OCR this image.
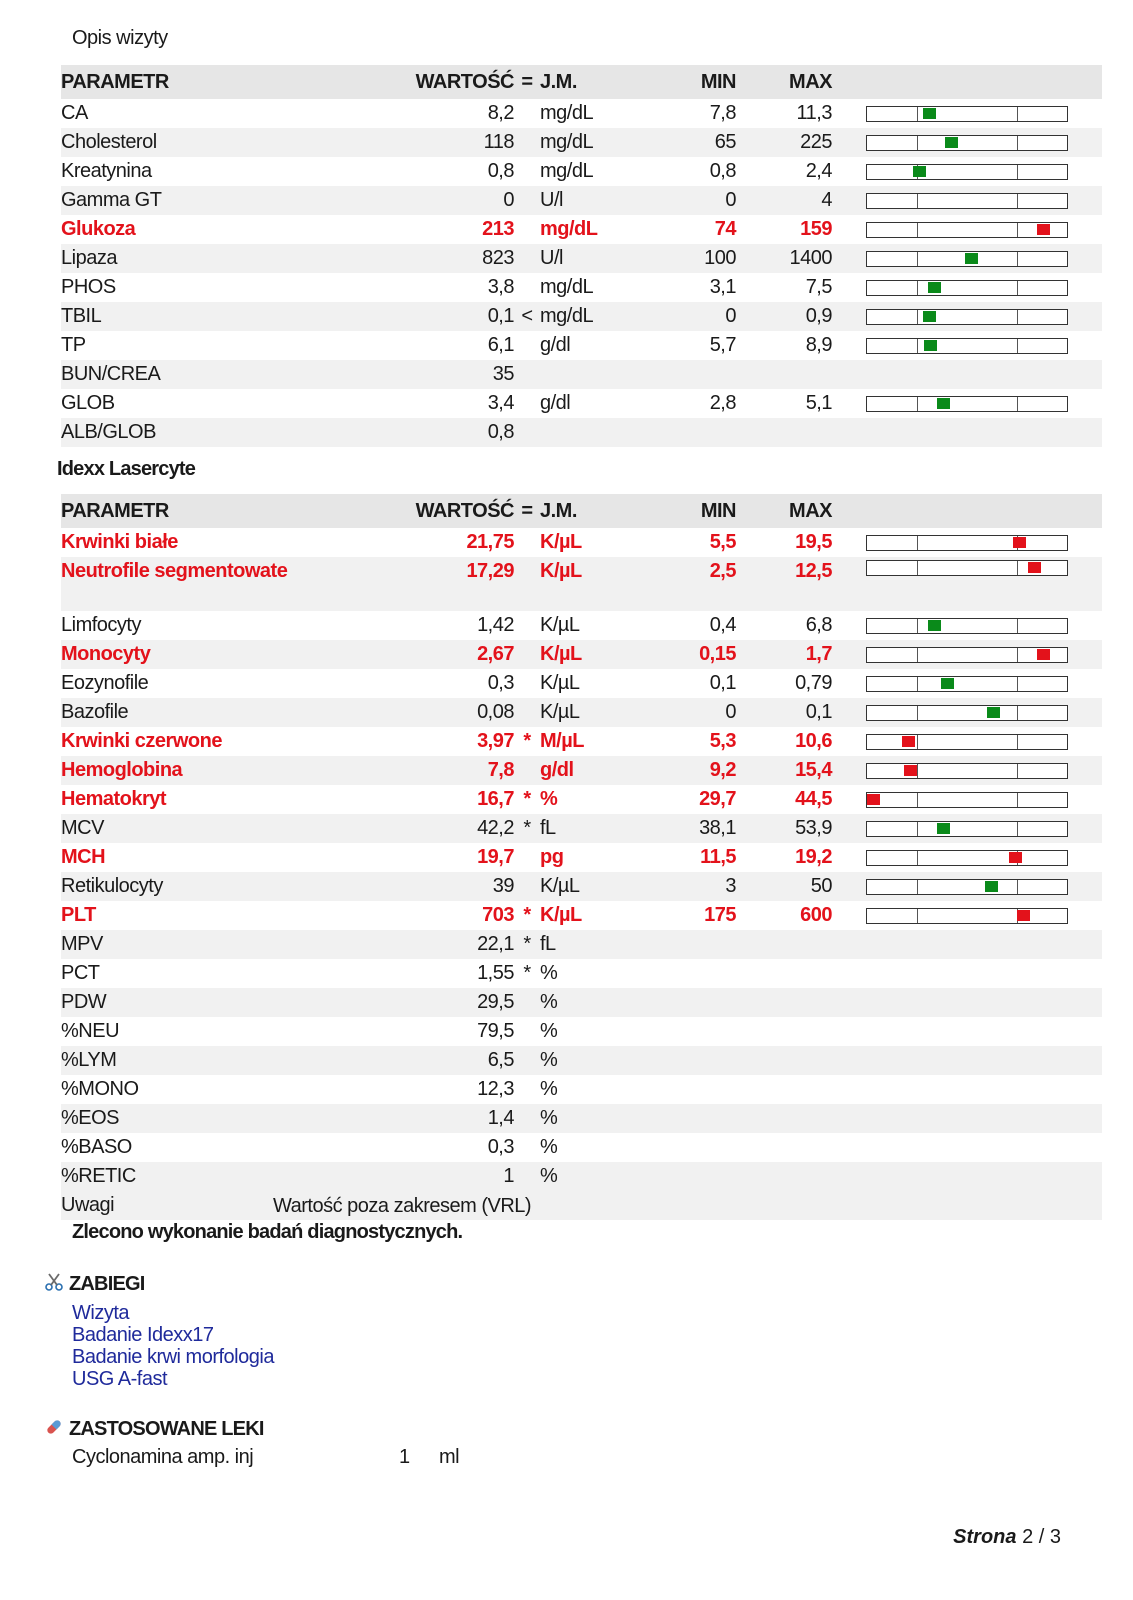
Opis wizyty
PARAMETR	WARTOŚĆ	=	J.M.	MIN	MAX	
CA	8,2		mg/dL	7,8	11,3	

Cholesterol	118		mg/dL	65	225	

Kreatynina	0,8		mg/dL	0,8	2,4	

Gamma GT	0		U/l	0	4	

Glukoza	213		mg/dL	74	159	

Lipaza	823		U/l	100	1400	

PHOS	3,8		mg/dL	3,1	7,5	

TBIL	0,1	<	mg/dL	0	0,9	

TP	6,1		g/dl	5,7	8,9	

BUN/CREA	35					
GLOB	3,4		g/dl	2,8	5,1	

ALB/GLOB	0,8					
Idexx Lasercyte
PARAMETR	WARTOŚĆ	=	J.M.	MIN	MAX	
Krwinki białe	21,75		K/µL	5,5	19,5	

Neutrofile segmentowate	17,29		K/µL	2,5	12,5	

Limfocyty	1,42		K/µL	0,4	6,8	

Monocyty	2,67		K/µL	0,15	1,7	

Eozynofile	0,3		K/µL	0,1	0,79	

Bazofile	0,08		K/µL	0	0,1	

Krwinki czerwone	3,97	*	M/µL	5,3	10,6	

Hemoglobina	7,8		g/dl	9,2	15,4	

Hematokryt	16,7	*	%	29,7	44,5	

MCV	42,2	*	fL	38,1	53,9	

MCH	19,7		pg	11,5	19,2	

Retikulocyty	39		K/µL	3	50	

PLT	703	*	K/µL	175	600	

MPV	22,1	*	fL			
PCT	1,55	*	%			
PDW	29,5		%			
%NEU	79,5		%			
%LYM	6,5		%			
%MONO	12,3		%			
%EOS	1,4		%			
%BASO	0,3		%			
%RETIC	1		%			
Uwagi Wartość poza zakresem (VRL)						
Zlecono wykonanie badań diagnostycznych.
ZABIEGI
Wizyta
Badanie Idexx17
Badanie krwi morfologia
USG A-fast
ZASTOSOWANE LEKI
Cyclonamina amp. inj	1 ml
Strona 2 / 3
